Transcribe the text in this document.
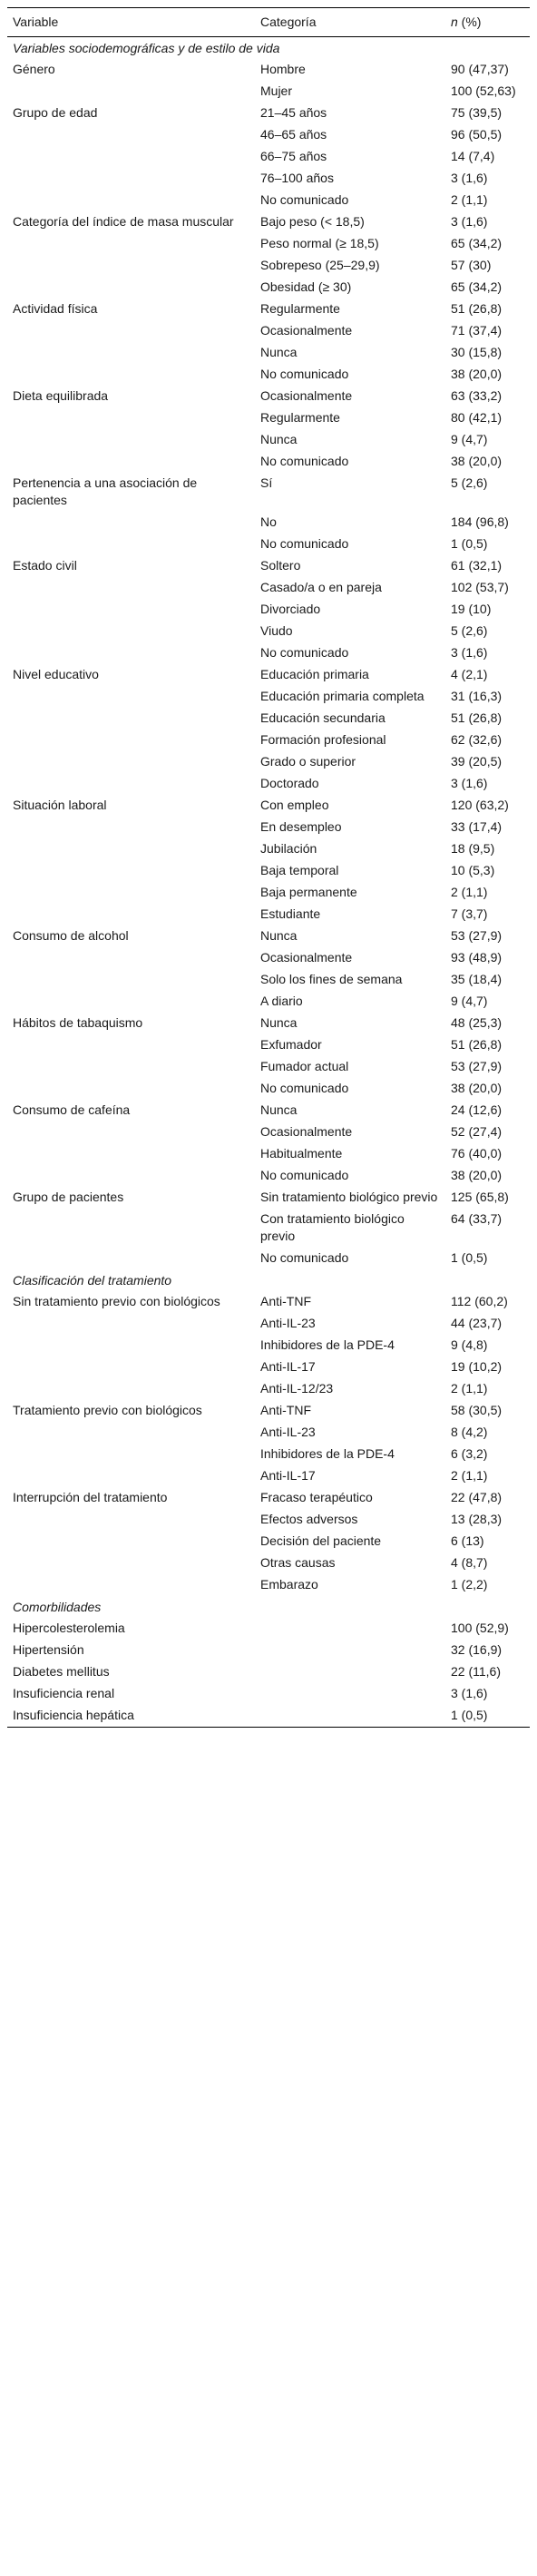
Variable	Categoría	n (%)
Variables sociodemográficas y de estilo de vida		
Género	Hombre	90 (47,37)
	Mujer	100 (52,63)
Grupo de edad	21–45 años	75 (39,5)
	46–65 años	96 (50,5)
	66–75 años	14 (7,4)
	76–100 años	3 (1,6)
	No comunicado	2 (1,1)
Categoría del índice de masa muscular	Bajo peso (< 18,5)	3 (1,6)
	Peso normal (≥ 18,5)	65 (34,2)
	Sobrepeso (25–29,9)	57 (30)
	Obesidad (≥ 30)	65 (34,2)
Actividad física	Regularmente	51 (26,8)
	Ocasionalmente	71 (37,4)
	Nunca	30 (15,8)
	No comunicado	38 (20,0)
Dieta equilibrada	Ocasionalmente	63 (33,2)
	Regularmente	80 (42,1)
	Nunca	9 (4,7)
	No comunicado	38 (20,0)
Pertenencia a una asociación de pacientes	Sí	5 (2,6)
	No	184 (96,8)
	No comunicado	1 (0,5)
Estado civil	Soltero	61 (32,1)
	Casado/a o en pareja	102 (53,7)
	Divorciado	19 (10)
	Viudo	5 (2,6)
	No comunicado	3 (1,6)
Nivel educativo	Educación primaria	4 (2,1)
	Educación primaria completa	31 (16,3)
	Educación secundaria	51 (26,8)
	Formación profesional	62 (32,6)
	Grado o superior	39 (20,5)
	Doctorado	3 (1,6)
Situación laboral	Con empleo	120 (63,2)
	En desempleo	33 (17,4)
	Jubilación	18 (9,5)
	Baja temporal	10 (5,3)
	Baja permanente	2 (1,1)
	Estudiante	7 (3,7)
Consumo de alcohol	Nunca	53 (27,9)
	Ocasionalmente	93 (48,9)
	Solo los fines de semana	35 (18,4)
	A diario	9 (4,7)
Hábitos de tabaquismo	Nunca	48 (25,3)
	Exfumador	51 (26,8)
	Fumador actual	53 (27,9)
	No comunicado	38 (20,0)
Consumo de cafeína	Nunca	24 (12,6)
	Ocasionalmente	52 (27,4)
	Habitualmente	76 (40,0)
	No comunicado	38 (20,0)
Grupo de pacientes	Sin tratamiento biológico previo	125 (65,8)
	Con tratamiento biológico previo	64 (33,7)
	No comunicado	1 (0,5)
Clasificación del tratamiento		
Sin tratamiento previo con biológicos	Anti-TNF	112 (60,2)
	Anti-IL-23	44 (23,7)
	Inhibidores de la PDE-4	9 (4,8)
	Anti-IL-17	19 (10,2)
	Anti-IL-12/23	2 (1,1)
Tratamiento previo con biológicos	Anti-TNF	58 (30,5)
	Anti-IL-23	8 (4,2)
	Inhibidores de la PDE-4	6 (3,2)
	Anti-IL-17	2 (1,1)
Interrupción del tratamiento	Fracaso terapéutico	22 (47,8)
	Efectos adversos	13 (28,3)
	Decisión del paciente	6 (13)
	Otras causas	4 (8,7)
	Embarazo	1 (2,2)
Comorbilidades		
Hipercolesterolemia		100 (52,9)
Hipertensión		32 (16,9)
Diabetes mellitus		22 (11,6)
Insuficiencia renal		3 (1,6)
Insuficiencia hepática		1 (0,5)
